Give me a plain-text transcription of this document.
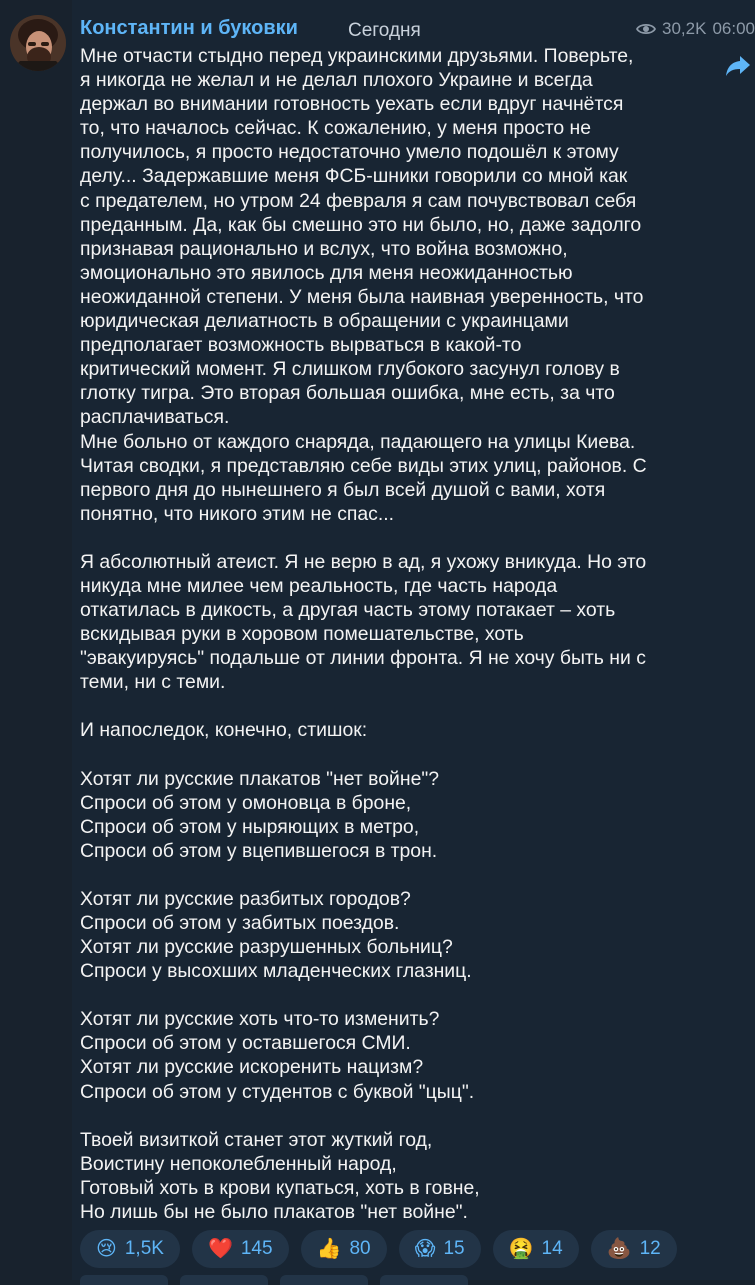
Константин и буковки	Сегодня	30,2K 06:00

Мне отчасти стыдно перед украинскими друзьями. Поверьте,
я никогда не желал и не делал плохого Украине и всегда
держал во внимании готовность уехать если вдруг начнётся
то, что началось сейчас. К сожалению, у меня просто не
получилось, я просто недостаточно умело подошёл к этому
делу... Задержавшие меня ФСБ-шники говорили со мной как
с предателем, но утром 24 февраля я сам почувствовал себя
преданным. Да, как бы смешно это ни было, но, даже задолго
признавая рационально и вслух, что война возможно,
эмоционально это явилось для меня неожиданностью
неожиданной степени. У меня была наивная уверенность, что
юридическая делиатность в обращении с украинцами
предполагает возможность вырваться в какой-то
критический момент. Я слишком глубокого засунул голову в
глотку тигра. Это вторая большая ошибка, мне есть, за что
расплачиваться.
Мне больно от каждого снаряда, падающего на улицы Киева.
Читая сводки, я представляю себе виды этих улиц, районов. С
первого дня до нынешнего я был всей душой с вами, хотя
понятно, что никого этим не спас...

Я абсолютный атеист. Я не верю в ад, я ухожу вникуда. Но это
никуда мне милее чем реальность, где часть народа
откатилась в дикость, а другая часть этому потакает – хоть
вскидывая руки в хоровом помешательстве, хоть
"эвакуируясь" подальше от линии фронта. Я не хочу быть ни с
теми, ни с теми.

И напоследок, конечно, стишок:

Хотят ли русские плакатов "нет войне"?
Спроси об этом у омоновца в броне,
Спроси об этом у ныряющих в метро,
Спроси об этом у вцепившегося в трон.

Хотят ли русские разбитых городов?
Спроси об этом у забитых поездов.
Хотят ли русские разрушенных больниц?
Спроси у высохших младенческих глазниц.

Хотят ли русские хоть что-то изменить?
Спроси об этом у оставшегося СМИ.
Хотят ли русские искоренить нацизм?
Спроси об этом у студентов с буквой "цыц".

Твоей визиткой станет этот жуткий год,
Воистину непоколебленный народ,
Готовый хоть в крови купаться, хоть в говне,
Но лишь бы не было плакатов "нет войне".

😢 1,5K ❤️ 145 👍 80 😱 15 🤮 14 💩 12
